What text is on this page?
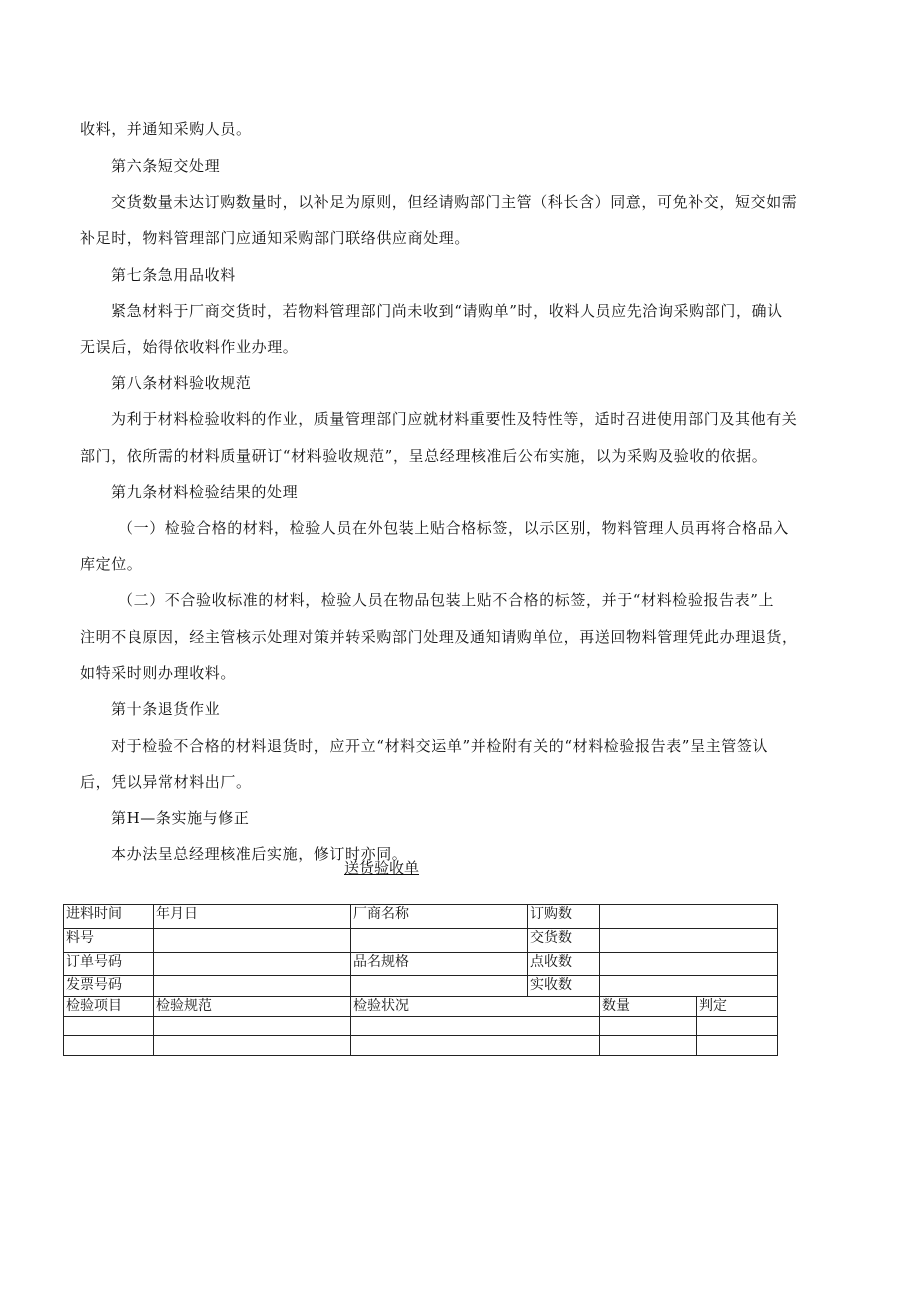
收料，并通知采购人员。
第六条短交处理
交货数量未达订购数量时，以补足为原则，但经请购部门主管（科长含）同意，可免补交，短交如需
补足时，物料管理部门应通知采购部门联络供应商处理。
第七条急用品收料
紧急材料于厂商交货时，若物料管理部门尚未收到“请购单”时，收料人员应先洽询采购部门，确认
无误后，始得依收料作业办理。
第八条材料验收规范
为利于材料检验收料的作业，质量管理部门应就材料重要性及特性等，适时召进使用部门及其他有关
部门，依所需的材料质量研订“材料验收规范”，呈总经理核准后公布实施，以为采购及验收的依据。
第九条材料检验结果的处理
（一）检验合格的材料，检验人员在外包装上贴合格标签，以示区别，物料管理人员再将合格品入
库定位。
（二）不合验收标准的材料，检验人员在物品包装上贴不合格的标签，并于“材料检验报告表”上
注明不良原因，经主管核示处理对策并转采购部门处理及通知请购单位，再送回物料管理凭此办理退货，
如特采时则办理收料。
第十条退货作业
对于检验不合格的材料退货时，应开立“材料交运单”并检附有关的“材料检验报告表”呈主管签认
后，凭以异常材料出厂。
第H—条实施与修正
本办法呈总经理核准后实施，修订时亦同。
送货验收单
进料时间	年月日	厂商名称	订购数		
料号			交货数		
订单号码		品名规格	点收数		
发票号码			实收数		
检验项目	检验规范	检验状况		数量	判定
